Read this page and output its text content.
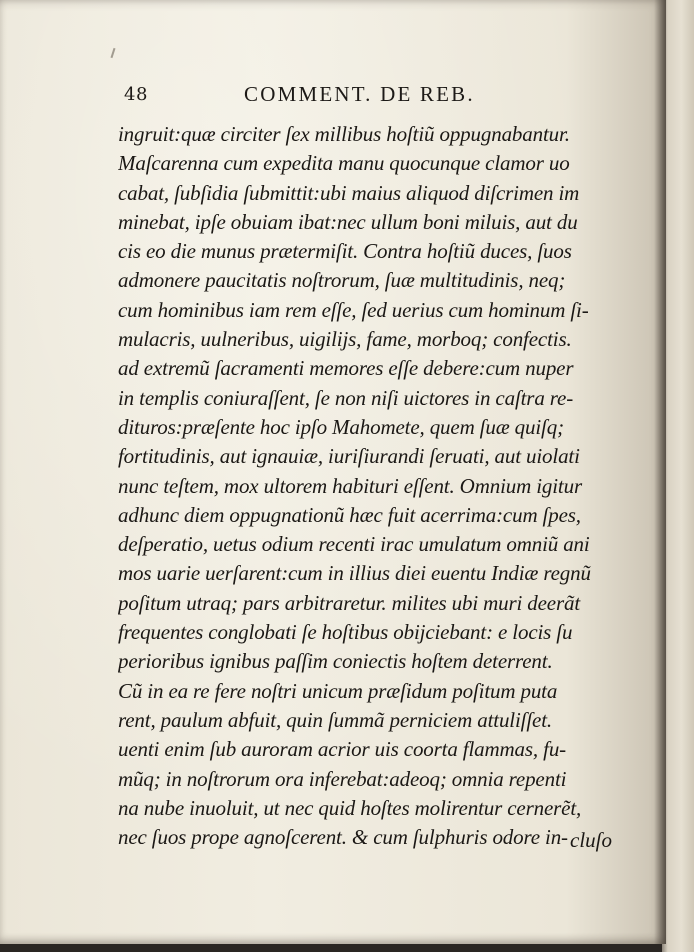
48	COMMENT. DE REB.
ingruit:quæ circiter ſex millibus hoſtiũ oppugnabantur.
Maſcarenna cum expedita manu quocunque clamor uo
cabat, ſubſidia ſubmittit:ubi maius aliquod diſcrimen im
minebat, ipſe obuiam ibat:nec ullum boni miluis, aut du
cis eo die munus prætermiſit. Contra hoſtiũ duces, ſuos
admonere paucitatis noſtrorum, ſuæ multitudinis, neq;
cum hominibus iam rem eſſe, ſed uerius cum hominum ſi-
mulacris, uulneribus, uigilijs, fame, morboq; confectis.
ad extremũ ſacramenti memores eſſe debere:cum nuper
in templis coniuraſſent, ſe non niſi uictores in caſtra re-
dituros:præſente hoc ipſo Mahomete, quem ſuæ quiſq;
fortitudinis, aut ignauiæ, iuriſiurandi ſeruati, aut uiolati
nunc teſtem, mox ultorem habituri eſſent. Omnium igitur
adhunc diem oppugnationũ hæc fuit acerrima:cum ſpes,
deſperatio, uetus odium recenti irac umulatum omniũ ani
mos uarie uerſarent:cum in illius diei euentu Indiæ regnũ
poſitum utraq; pars arbitraretur. milites ubi muri deerãt
frequentes conglobati ſe hoſtibus obijciebant: e locis ſu
perioribus ignibus paſſim coniectis hoſtem deterrent.
Cũ in ea re fere noſtri unicum præſidum poſitum puta
rent, paulum abfuit, quin ſummã perniciem attuliſſet.
uenti enim ſub auroram acrior uis coorta flammas, fu-
mũq; in noſtrorum ora inferebat:adeoq; omnia repenti
na nube inuoluit, ut nec quid hoſtes molirentur cernerẽt,
nec ſuos prope agnoſcerent. & cum ſulphuris odore in- cluſo
